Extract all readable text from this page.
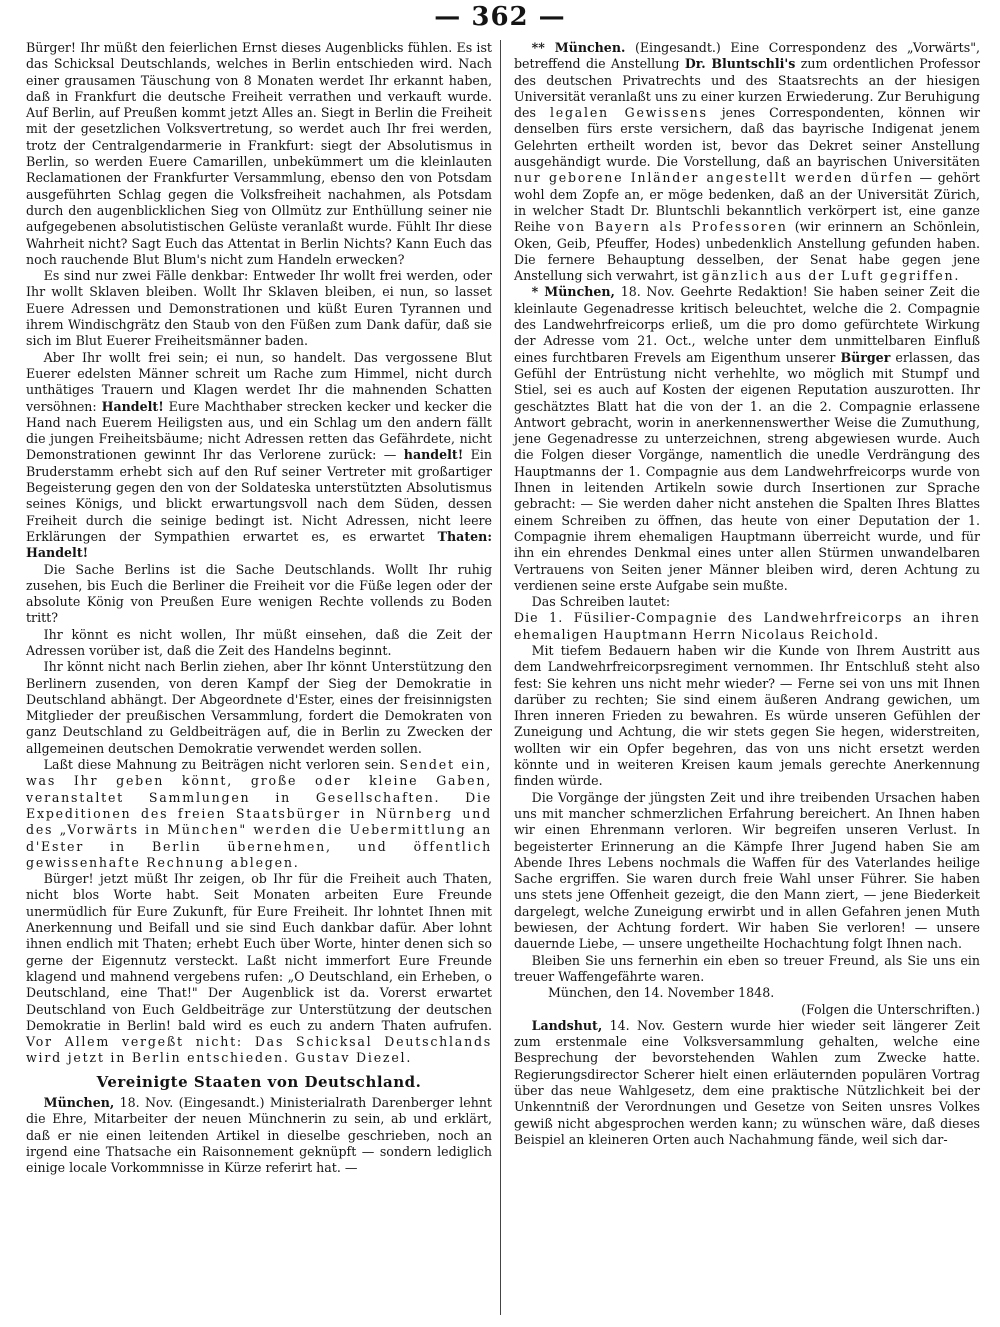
— 362 —

Bürger! Ihr müßt den feierlichen Ernst dieses Augenblicks fühlen. Es ist das Schicksal Deutschlands, welches in Berlin entschieden wird. Nach einer grausamen Täuschung von 8 Monaten werdet Ihr erkannt haben, daß in Frankfurt die deutsche Freiheit verrathen und verkauft wurde. Auf Berlin, auf Preußen kommt jetzt Alles an. Siegt in Berlin die Freiheit mit der gesetzlichen Volksvertretung, so werdet auch Ihr frei werden, trotz der Centralgendarmerie in Frankfurt: siegt der Absolutismus in Berlin, so werden Euere Camarillen, unbekümmert um die kleinlauten Reclamationen der Frankfurter Versammlung, ebenso den von Potsdam ausgeführten Schlag gegen die Volksfreiheit nachahmen, als Potsdam durch den augenblicklichen Sieg von Ollmütz zur Enthüllung seiner nie aufgegebenen absolutistischen Gelüste veranlaßt wurde. Fühlt Ihr diese Wahrheit nicht? Sagt Euch das Attentat in Berlin Nichts? Kann Euch das noch rauchende Blut Blum's nicht zum Handeln erwecken?

Es sind nur zwei Fälle denkbar: Entweder Ihr wollt frei werden, oder Ihr wollt Sklaven bleiben. Wollt Ihr Sklaven bleiben, ei nun, so lasset Euere Adressen und Demonstrationen und küßt Euren Tyrannen und ihrem Windischgrätz den Staub von den Füßen zum Dank dafür, daß sie sich im Blut Euerer Freiheitsmänner baden.

Aber Ihr wollt frei sein; ei nun, so handelt. Das vergossene Blut Euerer edelsten Männer schreit um Rache zum Himmel, nicht durch unthätiges Trauern und Klagen werdet Ihr die mahnenden Schatten versöhnen: Handelt! Eure Machthaber strecken kecker und kecker die Hand nach Euerem Heiligsten aus, und ein Schlag um den andern fällt die jungen Freiheitsbäume; nicht Adressen retten das Gefährdete, nicht Demonstrationen gewinnt Ihr das Verlorene zurück: — handelt! Ein Bruderstamm erhebt sich auf den Ruf seiner Vertreter mit großartiger Begeisterung gegen den von der Soldateska unterstützten Absolutismus seines Königs, und blickt erwartungsvoll nach dem Süden, dessen Freiheit durch die seinige bedingt ist. Nicht Adressen, nicht leere Erklärungen der Sympathien erwartet es, es erwartet Thaten: Handelt!

Die Sache Berlins ist die Sache Deutschlands. Wollt Ihr ruhig zusehen, bis Euch die Berliner die Freiheit vor die Füße legen oder der absolute König von Preußen Eure wenigen Rechte vollends zu Boden tritt?

Ihr könnt es nicht wollen, Ihr müßt einsehen, daß die Zeit der Adressen vorüber ist, daß die Zeit des Handelns beginnt.

Ihr könnt nicht nach Berlin ziehen, aber Ihr könnt Unterstützung den Berlinern zusenden, von deren Kampf der Sieg der Demokratie in Deutschland abhängt. Der Abgeordnete d'Ester, eines der freisinnigsten Mitglieder der preußischen Versammlung, fordert die Demokraten von ganz Deutschland zu Geldbeiträgen auf, die in Berlin zu Zwecken der allgemeinen deutschen Demokratie verwendet werden sollen.

Laßt diese Mahnung zu Beiträgen nicht verloren sein. Sendet ein, was Ihr geben könnt, große oder kleine Gaben, veranstaltet Sammlungen in Gesellschaften. Die Expeditionen des freien Staatsbürger in Nürnberg und des „Vorwärts in München" werden die Uebermittlung an d'Ester in Berlin übernehmen, und öffentlich gewissenhafte Rechnung ablegen.

Bürger! jetzt müßt Ihr zeigen, ob Ihr für die Freiheit auch Thaten, nicht blos Worte habt. Seit Monaten arbeiten Eure Freunde unermüdlich für Eure Zukunft, für Eure Freiheit. Ihr lohntet Ihnen mit Anerkennung und Beifall und sie sind Euch dankbar dafür. Aber lohnt ihnen endlich mit Thaten; erhebt Euch über Worte, hinter denen sich so gerne der Eigennutz versteckt. Laßt nicht immerfort Eure Freunde klagend und mahnend vergebens rufen: „O Deutschland, ein Erheben, o Deutschland, eine That!" Der Augenblick ist da. Vorerst erwartet Deutschland von Euch Geldbeiträge zur Unterstützung der deutschen Demokratie in Berlin! bald wird es euch zu andern Thaten aufrufen. Vor Allem vergeßt nicht: Das Schicksal Deutschlands wird jetzt in Berlin entschieden. Gustav Diezel.

Vereinigte Staaten von Deutschland.

München, 18. Nov. (Eingesandt.) Ministerialrath Darenberger lehnt die Ehre, Mitarbeiter der neuen Münchnerin zu sein, ab und erklärt, daß er nie einen leitenden Artikel in dieselbe geschrieben, noch an irgend eine Thatsache ein Raisonnement geknüpft — sondern lediglich einige locale Vorkommnisse in Kürze referirt hat. —

** München. (Eingesandt.) Eine Correspondenz des „Vorwärts", betreffend die Anstellung Dr. Bluntschli's zum ordentlichen Professor des deutschen Privatrechts und des Staatsrechts an der hiesigen Universität veranlaßt uns zu einer kurzen Erwiederung. Zur Beruhigung des legalen Gewissens jenes Correspondenten, können wir denselben fürs erste versichern, daß das bayrische Indigenat jenem Gelehrten ertheilt worden ist, bevor das Dekret seiner Anstellung ausgehändigt wurde. Die Vorstellung, daß an bayrischen Universitäten nur geborene Inländer angestellt werden dürfen — gehört wohl dem Zopfe an, er möge bedenken, daß an der Universität Zürich, in welcher Stadt Dr. Bluntschli bekanntlich verkörpert ist, eine ganze Reihe von Bayern als Professoren (wir erinnern an Schönlein, Oken, Geib, Pfeuffer, Hodes) unbedenklich Anstellung gefunden haben. Die fernere Behauptung desselben, der Senat habe gegen jene Anstellung sich verwahrt, ist gänzlich aus der Luft gegriffen.

* München, 18. Nov. Geehrte Redaktion! Sie haben seiner Zeit die kleinlaute Gegenadresse kritisch beleuchtet, welche die 2. Compagnie des Landwehrfreicorps erließ, um die pro domo gefürchtete Wirkung der Adresse vom 21. Oct., welche unter dem unmittelbaren Einfluß eines furchtbaren Frevels am Eigenthum unserer Bürger erlassen, das Gefühl der Entrüstung nicht verhehlte, wo möglich mit Stumpf und Stiel, sei es auch auf Kosten der eigenen Reputation auszurotten. Ihr geschätztes Blatt hat die von der 1. an die 2. Compagnie erlassene Antwort gebracht, worin in anerkennenswerther Weise die Zumuthung, jene Gegenadresse zu unterzeichnen, streng abgewiesen wurde. Auch die Folgen dieser Vorgänge, namentlich die unedle Verdrängung des Hauptmanns der 1. Compagnie aus dem Landwehrfreicorps wurde von Ihnen in leitenden Artikeln sowie durch Insertionen zur Sprache gebracht: — Sie werden daher nicht anstehen die Spalten Ihres Blattes einem Schreiben zu öffnen, das heute von einer Deputation der 1. Compagnie ihrem ehemaligen Hauptmann überreicht wurde, und für ihn ein ehrendes Denkmal eines unter allen Stürmen unwandelbaren Vertrauens von Seiten jener Männer bleiben wird, deren Achtung zu verdienen seine erste Aufgabe sein mußte.

Das Schreiben lautet:

Die 1. Füsilier-Compagnie des Landwehrfreicorps an ihren ehemaligen Hauptmann Herrn Nicolaus Reichold.

Mit tiefem Bedauern haben wir die Kunde von Ihrem Austritt aus dem Landwehrfreicorpsregiment vernommen. Ihr Entschluß steht also fest: Sie kehren uns nicht mehr wieder? — Ferne sei von uns mit Ihnen darüber zu rechten; Sie sind einem äußeren Andrang gewichen, um Ihren inneren Frieden zu bewahren. Es würde unseren Gefühlen der Zuneigung und Achtung, die wir stets gegen Sie hegen, widerstreiten, wollten wir ein Opfer begehren, das von uns nicht ersetzt werden könnte und in weiteren Kreisen kaum jemals gerechte Anerkennung finden würde.

Die Vorgänge der jüngsten Zeit und ihre treibenden Ursachen haben uns mit mancher schmerzlichen Erfahrung bereichert. An Ihnen haben wir einen Ehrenmann verloren. Wir begreifen unseren Verlust. In begeisterter Erinnerung an die Kämpfe Ihrer Jugend haben Sie am Abende Ihres Lebens nochmals die Waffen für des Vaterlandes heilige Sache ergriffen. Sie waren durch freie Wahl unser Führer. Sie haben uns stets jene Offenheit gezeigt, die den Mann ziert, — jene Biederkeit dargelegt, welche Zuneigung erwirbt und in allen Gefahren jenen Muth bewiesen, der Achtung fordert. Wir haben Sie verloren! — unsere dauernde Liebe, — unsere ungetheilte Hochachtung folgt Ihnen nach.

Bleiben Sie uns fernerhin ein eben so treuer Freund, als Sie uns ein treuer Waffengefährte waren.

München, den 14. November 1848.

(Folgen die Unterschriften.)

Landshut, 14. Nov. Gestern wurde hier wieder seit längerer Zeit zum erstenmale eine Volksversammlung gehalten, welche eine Besprechung der bevorstehenden Wahlen zum Zwecke hatte. Regierungsdirector Scherer hielt einen erläuternden populären Vortrag über das neue Wahlgesetz, dem eine praktische Nützlichkeit bei der Unkenntniß der Verordnungen und Gesetze von Seiten unsres Volkes gewiß nicht abgesprochen werden kann; zu wünschen wäre, daß dieses Beispiel an kleineren Orten auch Nachahmung fände, weil sich dar-
